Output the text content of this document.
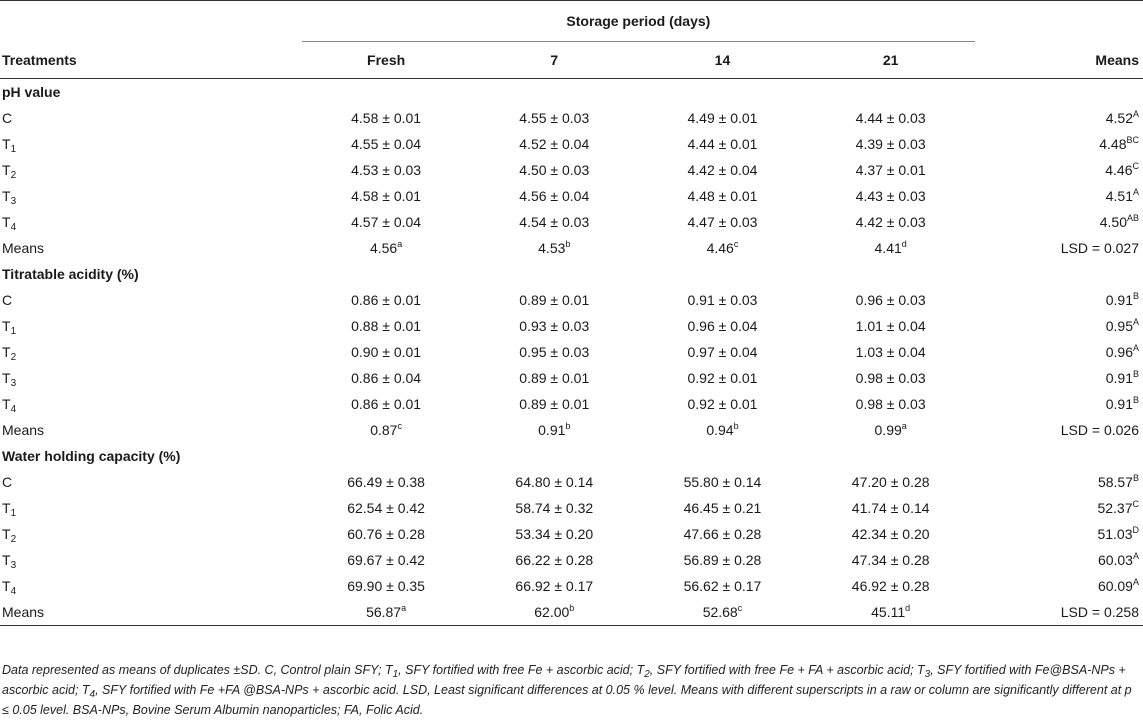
	Storage period (days)				
Treatments	Fresh	7	14	21	Means
pH value					
C	4.58 ± 0.01	4.55 ± 0.03	4.49 ± 0.01	4.44 ± 0.03	$4.52^A$
$T_1$	4.55 ± 0.04	4.52 ± 0.04	4.44 ± 0.01	4.39 ± 0.03	$4.48^{BC}$
$T_2$	4.53 ± 0.03	4.50 ± 0.03	4.42 ± 0.04	4.37 ± 0.01	$4.46^C$
$T_3$	4.58 ± 0.01	4.56 ± 0.04	4.48 ± 0.01	4.43 ± 0.03	$4.51^A$
$T_4$	4.57 ± 0.04	4.54 ± 0.03	4.47 ± 0.03	4.42 ± 0.03	$4.50^{AB}$
Means	4.56$^a$	4.53$^b$	4.46$^c$	4.41$^d$	LSD = 0.027
Titratable acidity (%)					
C	0.86 ± 0.01	0.89 ± 0.01	0.91 ± 0.03	0.96 ± 0.03	$0.91^B$
$T_1$	0.88 ± 0.01	0.93 ± 0.03	0.96 ± 0.04	1.01 ± 0.04	$0.95^A$
$T_2$	0.90 ± 0.01	0.95 ± 0.03	0.97 ± 0.04	1.03 ± 0.04	$0.96^A$
$T_3$	0.86 ± 0.04	0.89 ± 0.01	0.92 ± 0.01	0.98 ± 0.03	$0.91^B$
$T_4$	0.86 ± 0.01	0.89 ± 0.01	0.92 ± 0.01	0.98 ± 0.03	$0.91^B$
Means	0.87$^c$	0.91$^b$	0.94$^b$	0.99$^a$	LSD = 0.026
Water holding capacity (%)					
C	66.49 ± 0.38	64.80 ± 0.14	55.80 ± 0.14	47.20 ± 0.28	$58.57^B$
$T_1$	62.54 ± 0.42	58.74 ± 0.32	46.45 ± 0.21	41.74 ± 0.14	$52.37^C$
$T_2$	60.76 ± 0.28	53.34 ± 0.20	47.66 ± 0.28	42.34 ± 0.20	$51.03^D$
$T_3$	69.67 ± 0.42	66.22 ± 0.28	56.89 ± 0.28	47.34 ± 0.28	$60.03^A$
$T_4$	69.90 ± 0.35	66.92 ± 0.17	56.62 ± 0.17	46.92 ± 0.28	$60.09^A$
Means	56.87$^a$	62.00$^b$	52.68$^c$	45.11$^d$	LSD = 0.258
Data represented as means of duplicates ±SD. C, Control plain SFY; $T_1$, SFY fortified with free Fe + ascorbic acid; $T_2$, SFY fortified with free Fe + FA + ascorbic acid; $T_3$, SFY fortified with Fe@BSA-NPs + ascorbic acid; $T_4$, SFY fortified with Fe +FA @BSA-NPs + ascorbic acid. LSD, Least significant differences at 0.05 % level. Means with different superscripts in a raw or column are significantly different at p ≤ 0.05 level. BSA-NPs, Bovine Serum Albumin nanoparticles; FA, Folic Acid.
